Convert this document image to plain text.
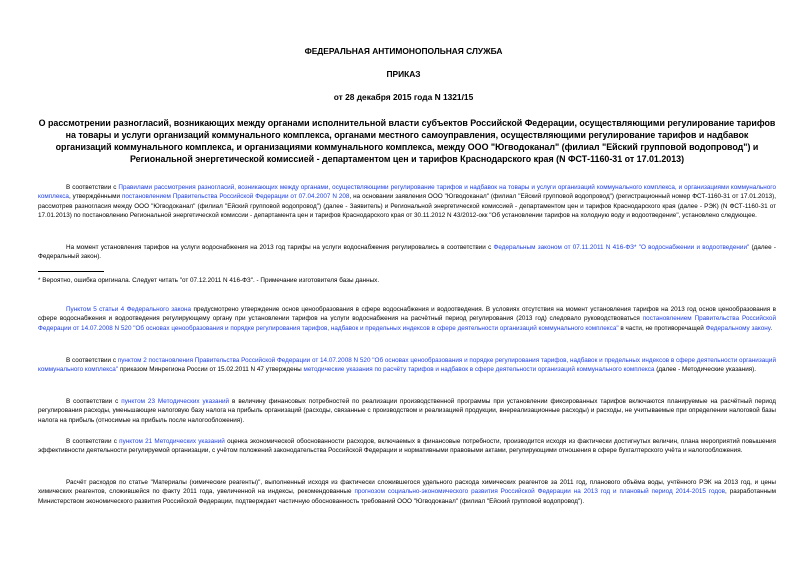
ФЕДЕРАЛЬНАЯ АНТИМОНОПОЛЬНАЯ СЛУЖБА
ПРИКАЗ
от 28 декабря 2015 года N 1321/15
О рассмотрении разногласий, возникающих между органами исполнительной власти субъектов Российской Федерации, осуществляющими регулирование тарифов на товары и услуги организаций коммунального комплекса, органами местного самоуправления, осуществляющими регулирование тарифов и надбавок организаций коммунального комплекса, и организациями коммунального комплекса, между ООО "Югводоканал" (филиал "Ейский групповой водопровод") и Региональной энергетической комиссией - департаментом цен и тарифов Краснодарского края (N ФСТ-1160-31 от 17.01.2013)

В соответствии с Правилами рассмотрения разногласий, возникающих между органами, осуществляющими регулирование тарифов и надбавок на товары и услуги организаций коммунального комплекса, и организациями коммунального комплекса, утверждёнными постановлением Правительства Российской Федерации от 07.04.2007 N 208, на основании заявления ООО "Югводоканал" (филиал "Ейский групповой водопровод") (регистрационный номер ФСТ-1160-31 от 17.01.2013), рассмотрев разногласия между ООО "Югводоканал" (филиал "Ейский групповой водопровод") (далее - Заявитель) и Региональной энергетической комиссией - департаментом цен и тарифов Краснодарского края (далее - РЭК) (N ФСТ-1160-31 от 17.01.2013) по постановлению Региональной энергетической комиссии - департамента цен и тарифов Краснодарского края от 30.11.2012 N 43/2012-окк "Об установлении тарифов на холодную воду и водоотведение", установлено следующее.

На момент установления тарифов на услуги водоснабжения на 2013 год тарифы на услуги водоснабжения регулировались в соответствии с Федеральным законом от 07.11.2011 N 416-ФЗ* "О водоснабжении и водоотведении" (далее - Федеральный закон).

* Вероятно, ошибка оригинала. Следует читать "от 07.12.2011 N 416-ФЗ". - Примечание изготовителя базы данных.

Пунктом 5 статьи 4 Федерального закона предусмотрено утверждение основ ценообразования в сфере водоснабжения и водоотведения. В условиях отсутствия на момент установления тарифов на 2013 год основ ценообразования в сфере водоснабжения и водоотведения регулирующему органу при установлении тарифов на услуги водоснабжения на расчётный период регулирования (2013 год) следовало руководствоваться постановлением Правительства Российской Федерации от 14.07.2008 N 520 "Об основах ценообразования и порядке регулирования тарифов, надбавок и предельных индексов в сфере деятельности организаций коммунального комплекса" в части, не противоречащей Федеральному закону.

В соответствии с пунктом 2 постановления Правительства Российской Федерации от 14.07.2008 N 520 "Об основах ценообразования и порядке регулирования тарифов, надбавок и предельных индексов в сфере деятельности организаций коммунального комплекса" приказом Минрегиона России от 15.02.2011 N 47 утверждены методические указания по расчёту тарифов и надбавок в сфере деятельности организаций коммунального комплекса (далее - Методические указания).

В соответствии с пунктом 23 Методических указаний в величину финансовых потребностей по реализации производственной программы при установлении фиксированных тарифов включаются планируемые на расчётный период регулирования расходы, уменьшающие налоговую базу налога на прибыль организаций (расходы, связанные с производством и реализацией продукции, внереализационные расходы) и расходы, не учитываемые при определении налоговой базы налога на прибыль (относимые на прибыль после налогообложения).

В соответствии с пунктом 21 Методических указаний оценка экономической обоснованности расходов, включаемых в финансовые потребности, производится исходя из фактически достигнутых величин, плана мероприятий повышения эффективности деятельности регулируемой организации, с учётом положений законодательства Российской Федерации и нормативными правовыми актами, регулирующими отношения в сфере бухгалтерского учёта и налогообложения.

Расчёт расходов по статье "Материалы (химические реагенты)", выполненный исходя из фактически сложившегося удельного расхода химических реагентов за 2011 год, планового объёма воды, учтённого РЭК на 2013 год, и цены химических реагентов, сложившейся по факту 2011 года, увеличенной на индексы, рекомендованные прогнозом социально-экономического развития Российской Федерации на 2013 год и плановый период 2014-2015 годов, разработанным Министерством экономического развития Российской Федерации, подтверждает частичную обоснованность требований ООО "Югводоканал" (филиал "Ейский групповой водопровод").
